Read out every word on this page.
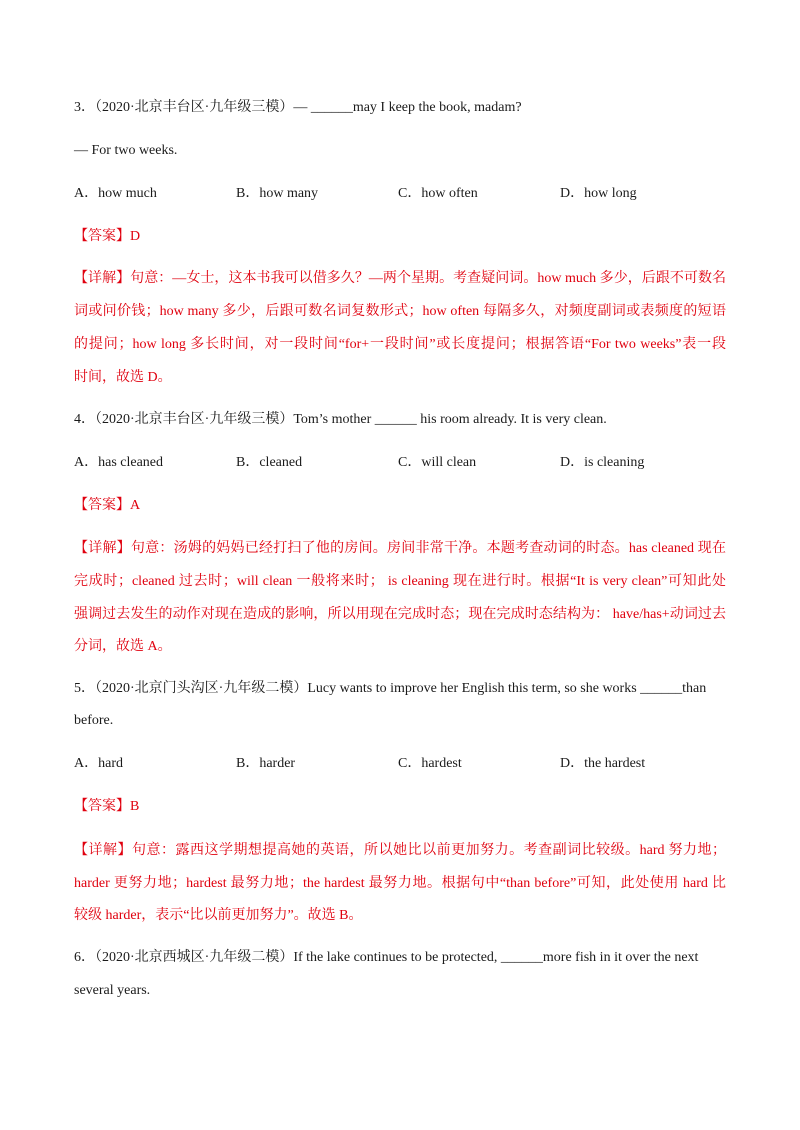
3．（2020·北京丰台区·九年级三模）— ______may I keep the book, madam?
— For two weeks.
A．how much	B．how many	C．how often	D．how long
【答案】D
【详解】句意：—女士，这本书我可以借多久？—两个星期。考查疑问词。how much 多少，后跟不可数名
词或问价钱；how many 多少，后跟可数名词复数形式；how often 每隔多久，对频度副词或表频度的短语
的提问；how long 多长时间，对一段时间“for+一段时间”或长度提问；根据答语“For two weeks”表一段
时间，故选 D。
4．（2020·北京丰台区·九年级三模）Tom’s mother ______ his room already. It is very clean.
A．has cleaned	B．cleaned	C．will clean	D．is cleaning
【答案】A
【详解】句意：汤姆的妈妈已经打扫了他的房间。房间非常干净。本题考查动词的时态。has cleaned 现在
完成时；cleaned 过去时；will clean 一般将来时； is cleaning 现在进行时。根据“It is very clean”可知此处
强调过去发生的动作对现在造成的影响，所以用现在完成时态；现在完成时态结构为： have/has+动词过去
分词，故选 A。
5．（2020·北京门头沟区·九年级二模）Lucy wants to improve her English this term, so she works ______than
before.
A．hard	B．harder	C．hardest	D．the hardest
【答案】B
【详解】句意：露西这学期想提高她的英语，所以她比以前更加努力。考查副词比较级。hard 努力地；
harder 更努力地；hardest 最努力地；the hardest 最努力地。根据句中“than before”可知，此处使用 hard 比
较级 harder，表示“比以前更加努力”。故选 B。
6．（2020·北京西城区·九年级二模）If the lake continues to be protected, ______more fish in it over the next
several years.
